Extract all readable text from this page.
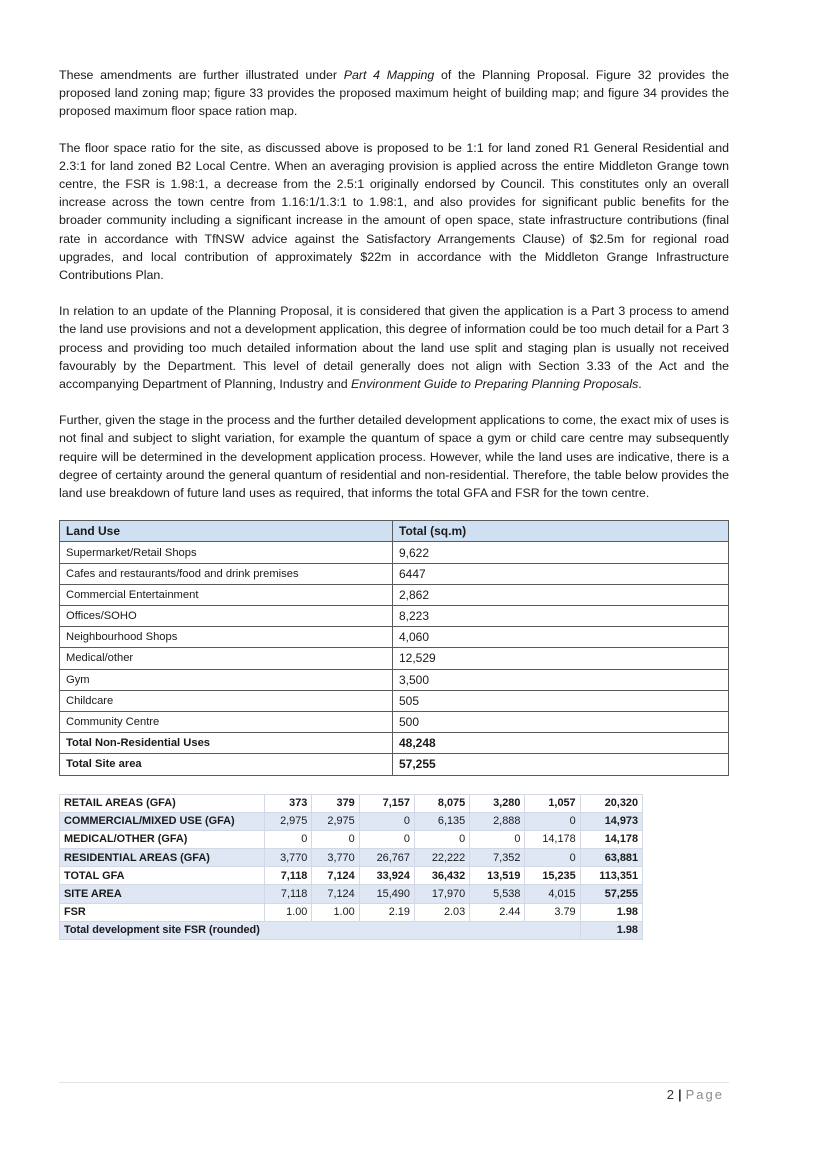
These amendments are further illustrated under Part 4 Mapping of the Planning Proposal. Figure 32 provides the proposed land zoning map; figure 33 provides the proposed maximum height of building map; and figure 34 provides the proposed maximum floor space ration map.

The floor space ratio for the site, as discussed above is proposed to be 1:1 for land zoned R1 General Residential and 2.3:1 for land zoned B2 Local Centre. When an averaging provision is applied across the entire Middleton Grange town centre, the FSR is 1.98:1, a decrease from the 2.5:1 originally endorsed by Council. This constitutes only an overall increase across the town centre from 1.16:1/1.3:1 to 1.98:1, and also provides for significant public benefits for the broader community including a significant increase in the amount of open space, state infrastructure contributions (final rate in accordance with TfNSW advice against the Satisfactory Arrangements Clause) of $2.5m for regional road upgrades, and local contribution of approximately $22m in accordance with the Middleton Grange Infrastructure Contributions Plan.

In relation to an update of the Planning Proposal, it is considered that given the application is a Part 3 process to amend the land use provisions and not a development application, this degree of information could be too much detail for a Part 3 process and providing too much detailed information about the land use split and staging plan is usually not received favourably by the Department. This level of detail generally does not align with Section 3.33 of the Act and the accompanying Department of Planning, Industry and Environment Guide to Preparing Planning Proposals.

Further, given the stage in the process and the further detailed development applications to come, the exact mix of uses is not final and subject to slight variation, for example the quantum of space a gym or child care centre may subsequently require will be determined in the development application process. However, while the land uses are indicative, there is a degree of certainty around the general quantum of residential and non-residential. Therefore, the table below provides the land use breakdown of future land uses as required, that informs the total GFA and FSR for the town centre.

Land Use	Total (sq.m)
Supermarket/Retail Shops	9,622
Cafes and restaurants/food and drink premises	6447
Commercial Entertainment	2,862
Offices/SOHO	8,223
Neighbourhood Shops	4,060
Medical/other	12,529
Gym	3,500
Childcare	505
Community Centre	500
Total Non-Residential Uses	48,248
Total Site area	57,255
RETAIL AREAS (GFA)	373	379	7,157	8,075	3,280	1,057	20,320
COMMERCIAL/MIXED USE (GFA)	2,975	2,975	0	6,135	2,888	0	14,973
MEDICAL/OTHER (GFA)	0	0	0	0	0	14,178	14,178
RESIDENTIAL AREAS (GFA)	3,770	3,770	26,767	22,222	7,352	0	63,881
TOTAL GFA	7,118	7,124	33,924	36,432	13,519	15,235	113,351
SITE AREA	7,118	7,124	15,490	17,970	5,538	4,015	57,255
FSR	1.00	1.00	2.19	2.03	2.44	3.79	1.98
Total development site FSR (rounded)							1.98
2 | Page
